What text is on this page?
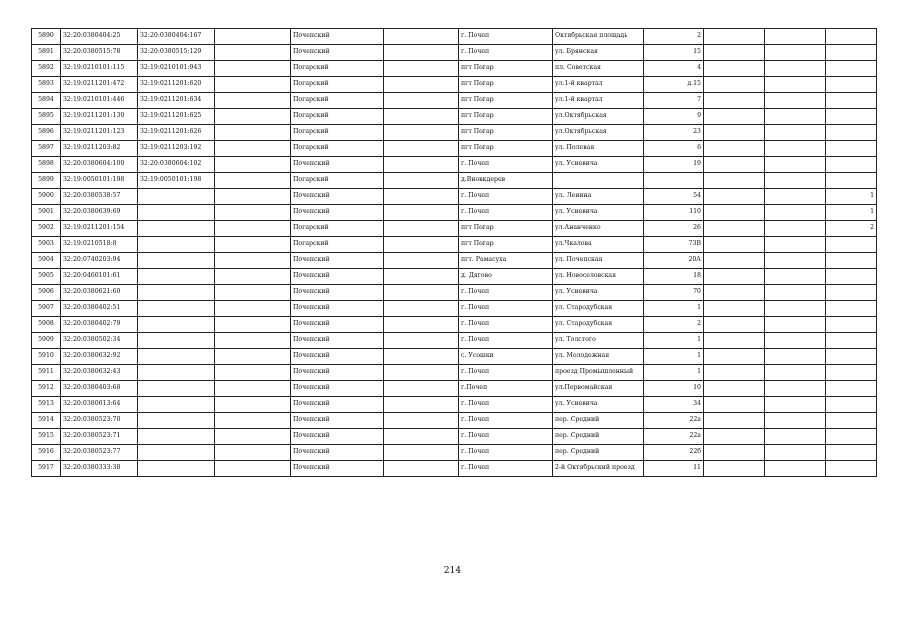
5890	32:20:0380404:25	32:20:0380404:167		Почепский		г. Почеп	Октябрьская площадь	2			
5891	32:20:0380515:78	32:20:0380515:129		Почепский		г. Почеп	ул. Брянская	15			
5892	32:19:0210101:115	32:19:0210101:943		Погарский		пгт Погар	пл. Советская	4			
5893	32:19:0211201:472	32:19:0211201:620		Погарский		пгт Погар	ул.1-й квартал	д.15			
5894	32:19:0210101:446	32:19:0211201:634		Погарский		пгт Погар	ул.1-й квартал	7			
5895	32:19:0211201:130	32:19:0211201:625		Погарский		пгт Погар	ул.Октябрьская	9			
5896	32:19:0211201:123	32:19:0211201:626		Погарский		пгт Погар	ул.Октябрьская	23			
5897	32:19:0211203:82	32:19:0211203:192		Погарский		пгт Погар	ул. Полевая	6			
5898	32:20:0380604:100	32:20:0380604:102		Почепский		г. Почеп	ул. Усиевича	19			
5899	32:19:0050101:198	32:19:0050101:198		Погарский		д.Вновкдерев					
5900	32:20:0380538:57			Почепский		г. Почеп	ул. Ленина	54			1
5901	32:20:0380639:69			Почепский		г. Почеп	ул. Усиевича	110			1
5902	32:19:0211201:154			Погарский		пгт Погар	ул.Ананченко	26			2
5903	32:19:0210518:8			Погарский		пгт Погар	ул.Чкалова	73В			
5904	32:20:0740203:94			Почепский		пгт. Рамасуха	ул. Почепская	20А			
5905	32:20:0460101:61			Почепский		д. Дягово	ул. Новоселовская	18			
5906	32:20:0380621:60			Почепский		г. Почеп	ул. Усиевича	70			
5907	32:20:0380402:51			Почепский		г. Почеп	ул. Стародубская	1			
5908	32:20:0380402:79			Почепский		г. Почеп	ул. Стародубская	2			
5909	32:20:0380502:34			Почепский		г. Почеп	ул. Толстого	1			
5910	32:20:0380632:92			Почепский		с. Усошки	ул. Молодежная	1			
5911	32:20:0380632:43			Почепский		г. Почеп	проезд Промышленный	1			
5912	32:20:0380403:68			Почепский		г.Почеп	ул.Первомайская	10			
5913	32:20:0380613:64			Почепский		г. Почеп	ул. Усиевича	34			
5914	32:20:0380523:70			Почепский		г. Почеп	пер. Средний	22а			
5915	32:20:0380523:71			Почепский		г. Почеп	пер. Средний	22а			
5916	32:20:0380523:77			Почепский		г. Почеп	пер. Средний	22б			
5917	32:20:0380333:38			Почепский		г. Почеп	2-й Октябрьский проезд	11			
214
